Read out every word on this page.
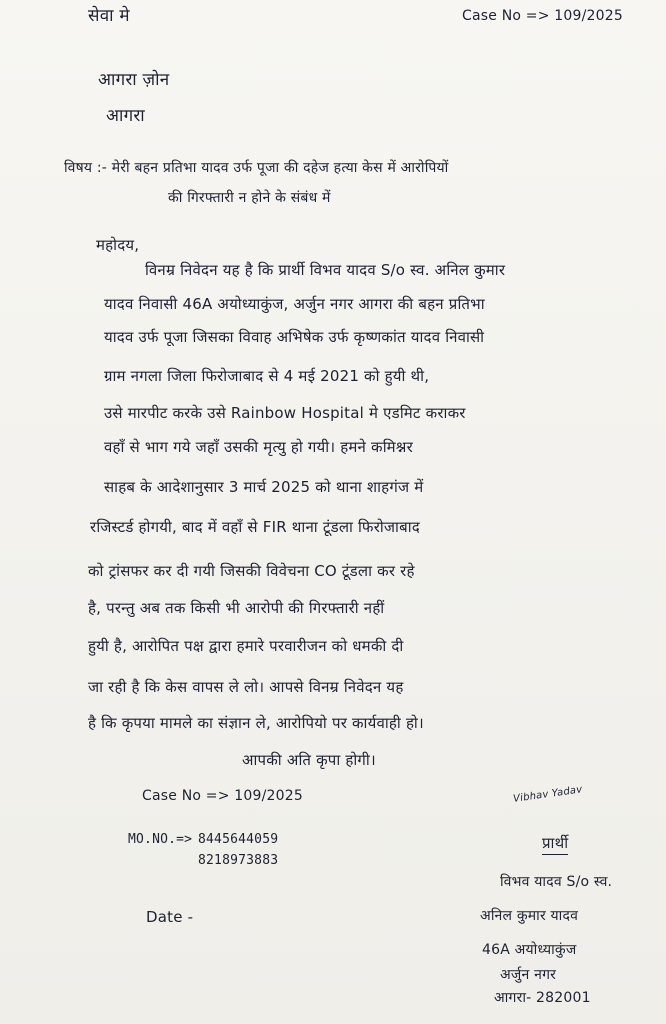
सेवा मे	Case No => 109/2025
आगरा ज़ोन
आगरा
विषय :- मेरी बहन प्रतिभा यादव उर्फ पूजा की दहेज हत्या केस में आरोपियों
की गिरफ्तारी न होने के संबंध में
महोदय,
विनम्र निवेदन यह है कि प्रार्थी विभव यादव S/o स्व. अनिल कुमार
यादव निवासी 46A अयोध्याकुंज, अर्जुन नगर आगरा की बहन प्रतिभा
यादव उर्फ पूजा जिसका विवाह अभिषेक उर्फ कृष्णकांत यादव निवासी
ग्राम नगला जिला फिरोजाबाद से 4 मई 2021 को हुयी थी,
उसे मारपीट करके उसे Rainbow Hospital मे एडमिट कराकर
वहाँ से भाग गये जहाँ उसकी मृत्यु हो गयी। हमने कमिश्नर
साहब के आदेशानुसार 3 मार्च 2025 को थाना शाहगंज में
रजिस्टर्ड होगयी, बाद में वहाँ से FIR थाना टूंडला फिरोजाबाद
को ट्रांसफर कर दी गयी जिसकी विवेचना CO टूंडला कर रहे
है, परन्तु अब तक किसी भी आरोपी की गिरफ्तारी नहीं
हुयी है, आरोपित पक्ष द्वारा हमारे परवारीजन को धमकी दी
जा रही है कि केस वापस ले लो। आपसे विनम्र निवेदन यह
है कि कृपया मामले का संज्ञान ले, आरोपियो पर कार्यवाही हो।
आपकी अति कृपा होगी।
Case No => 109/2025
MO.NO.=> 8445644059
8218973883
Date -
Vibhav Yadav
प्रार्थी
विभव यादव S/o स्व.
अनिल कुमार यादव
46A अयोध्याकुंज
अर्जुन नगर
आगरा- 282001
